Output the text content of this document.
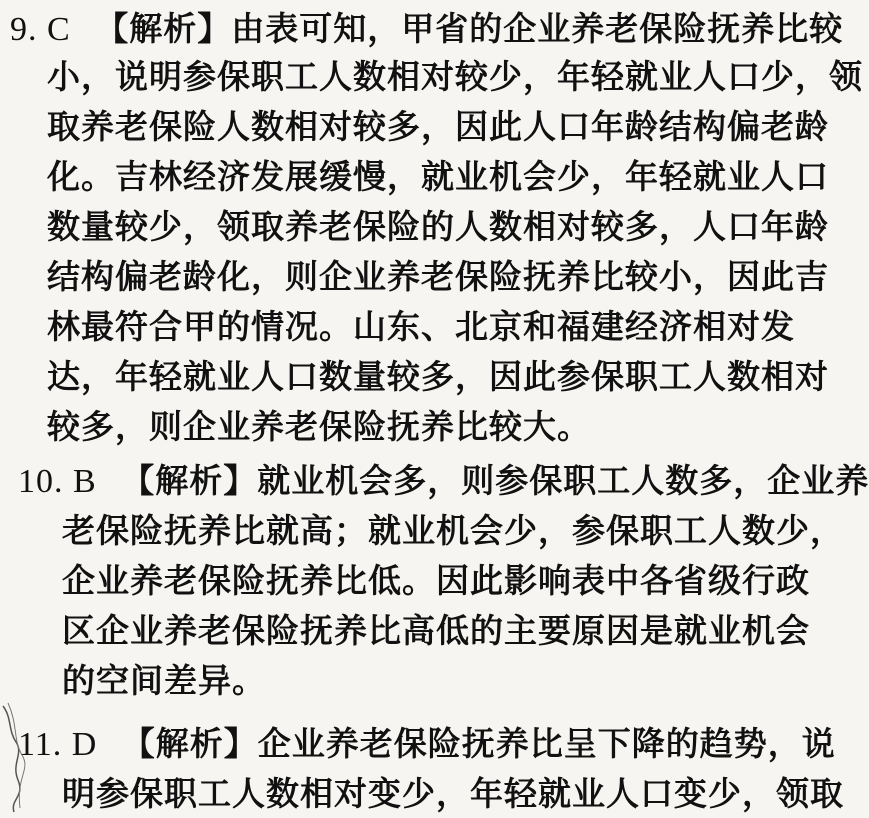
9. C 【解析】由表可知，甲省的企业养老保险抚养比较
小，说明参保职工人数相对较少，年轻就业人口少，领
取养老保险人数相对较多，因此人口年龄结构偏老龄
化。吉林经济发展缓慢，就业机会少，年轻就业人口
数量较少，领取养老保险的人数相对较多，人口年龄
结构偏老龄化，则企业养老保险抚养比较小，因此吉
林最符合甲的情况。山东、北京和福建经济相对发
达，年轻就业人口数量较多，因此参保职工人数相对
较多，则企业养老保险抚养比较大。
10. B 【解析】就业机会多，则参保职工人数多，企业养
老保险抚养比就高；就业机会少，参保职工人数少，
企业养老保险抚养比低。因此影响表中各省级行政
区企业养老保险抚养比高低的主要原因是就业机会
的空间差异。
11. D 【解析】企业养老保险抚养比呈下降的趋势，说
明参保职工人数相对变少，年轻就业人口变少，领取
